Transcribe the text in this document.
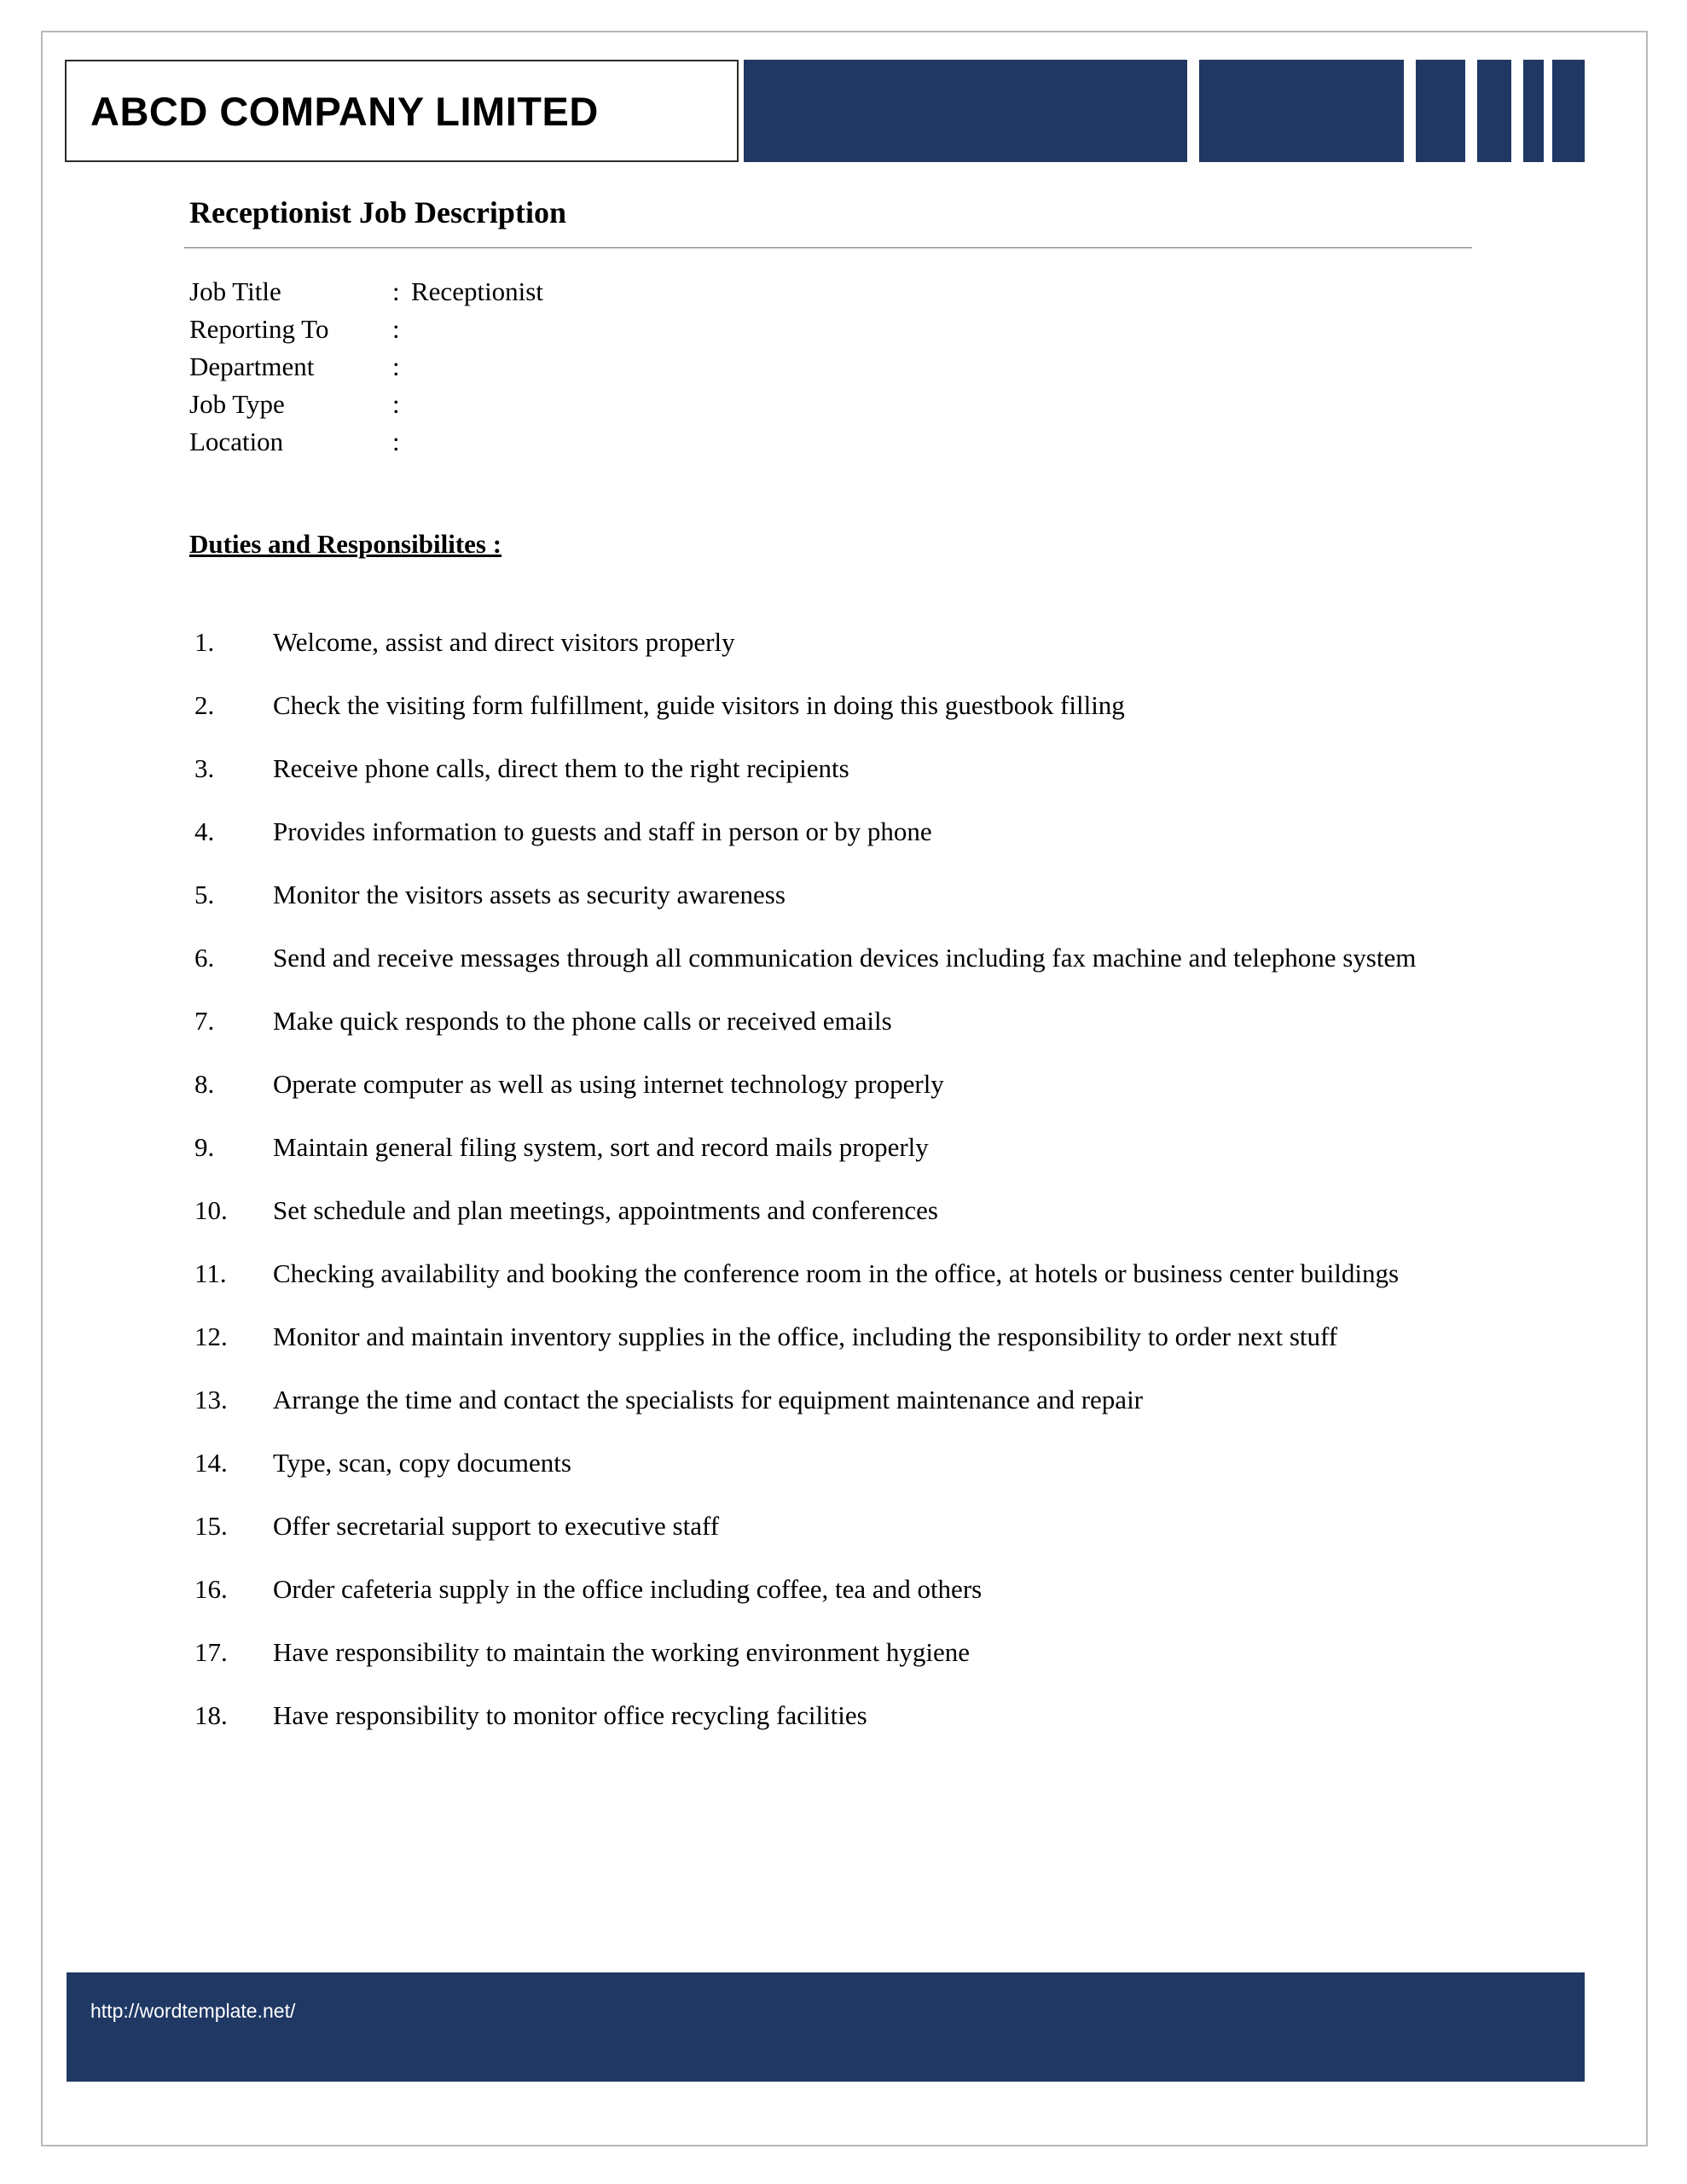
ABCD COMPANY LIMITED
Receptionist Job Description
Job Title	: Receptionist
Reporting To :
Department	:
Job Type	:
Location	:
Duties and Responsibilites :
1.	Welcome, assist and direct visitors properly
2.	Check the visiting form fulfillment, guide visitors in doing this guestbook filling
3.	Receive phone calls, direct them to the right recipients
4.	Provides information to guests and staff in person or by phone
5.	Monitor the visitors assets as security awareness
6.	Send and receive messages through all communication devices including fax machine and telephone system
7.	Make quick responds to the phone calls or received emails
8.	Operate computer as well as using internet technology properly
9.	Maintain general filing system, sort and record mails properly
10.	Set schedule and plan meetings, appointments and conferences
11.	Checking availability and booking the conference room in the office, at hotels or business center buildings
12.	Monitor and maintain inventory supplies in the office, including the responsibility to order next stuff
13.	Arrange the time and contact the specialists for equipment maintenance and repair
14.	Type, scan, copy documents
15.	Offer secretarial support to executive staff
16.	Order cafeteria supply in the office including coffee, tea and others
17.	Have responsibility to maintain the working environment hygiene
18.	Have responsibility to monitor office recycling facilities
http://wordtemplate.net/
